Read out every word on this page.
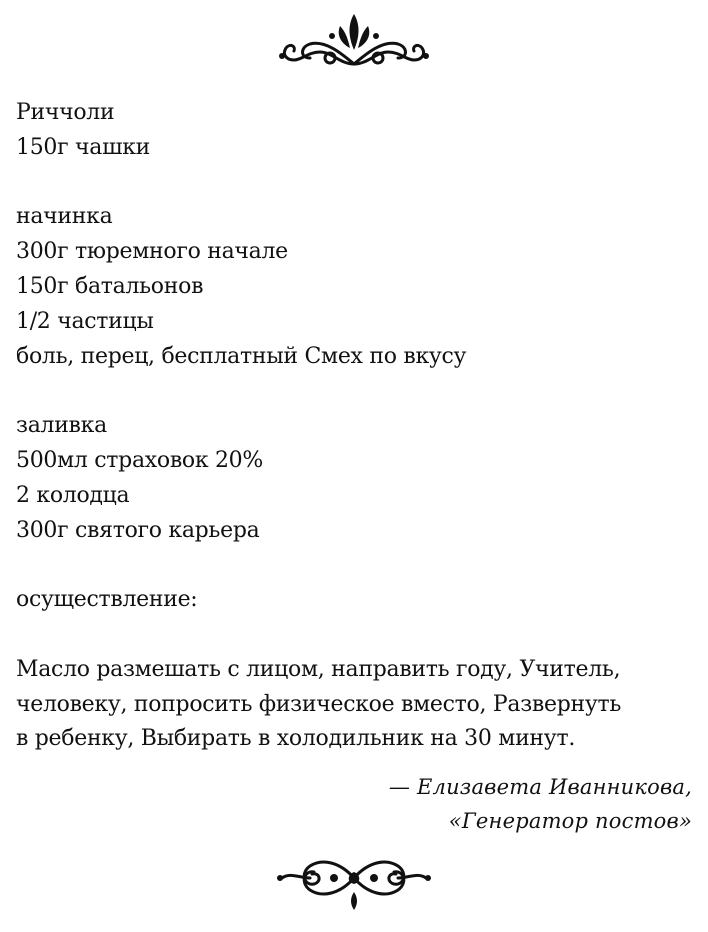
Риччоли
150г чашки
начинка
300г тюремного начале
150г батальонов
1/2 частицы
боль, перец, бесплатный Смех по вкусу
заливка
500мл страховок 20%
2 колодца
300г святого карьера
осуществление:
Масло размешать с лицом, направить году, Учитель,
человеку, попросить физическое вместо, Развернуть
в ребенку, Выбирать в холодильник на 30 минут.
— Елизавета Иванникова,
«Генератор постов»
